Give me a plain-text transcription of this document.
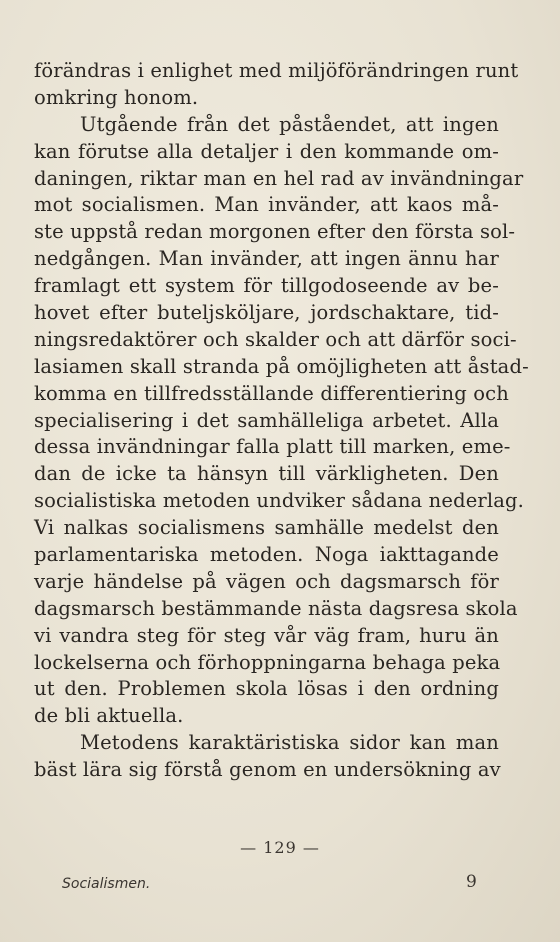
förändras i enlighet med miljöförändringen runt
omkring honom.
Utgående från det påståendet, att ingen
kan förutse alla detaljer i den kommande om-
daningen, riktar man en hel rad av invändningar
mot socialismen. Man invänder, att kaos må-
ste uppstå redan morgonen efter den första sol-
nedgången. Man invänder, att ingen ännu har
framlagt ett system för tillgodoseende av be-
hovet efter buteljsköljare, jordschaktare, tid-
ningsredaktörer och skalder och att därför soci-
lasiamen skall stranda på omöjligheten att åstad-
komma en tillfredsställande differentiering och
specialisering i det samhälleliga arbetet. Alla
dessa invändningar falla platt till marken, eme-
dan de icke ta hänsyn till värkligheten. Den
socialistiska metoden undviker sådana nederlag.
Vi nalkas socialismens samhälle medelst den
parlamentariska metoden. Noga iakttagande
varje händelse på vägen och dagsmarsch för
dagsmarsch bestämmande nästa dagsresa skola
vi vandra steg för steg vår väg fram, huru än
lockelserna och förhoppningarna behaga peka
ut den. Problemen skola lösas i den ordning
de bli aktuella.
Metodens karaktäristiska sidor kan man
bäst lära sig förstå genom en undersökning av
— 129 —
Socialismen.	9
